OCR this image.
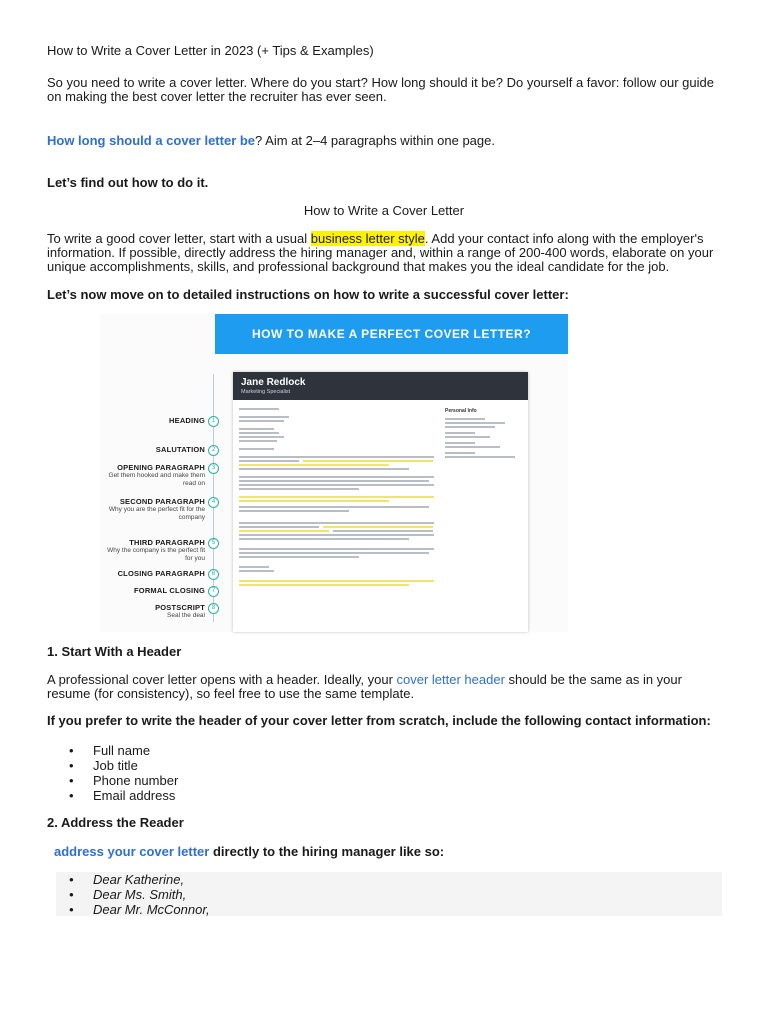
How to Write a Cover Letter in 2023 (+ Tips & Examples)

So you need to write a cover letter. Where do you start? How long should it be? Do yourself a favor: follow our guide on making the best cover letter the recruiter has ever seen.

How long should a cover letter be? Aim at 2–4 paragraphs within one page.

Let’s find out how to do it.

How to Write a Cover Letter

To write a good cover letter, start with a usual business letter style. Add your contact info along with the employer's information. If possible, directly address the hiring manager and, within a range of 200-400 words, elaborate on your unique accomplishments, skills, and professional background that makes you the ideal candidate for the job.

Let’s now move on to detailed instructions on how to write a successful cover letter:

HOW TO MAKE A PERFECT COVER LETTER?
HEADING
SALUTATION
OPENING PARAGRAPH
Get them hooked and make them read on
SECOND PARAGRAPH
Why you are the perfect fit for the company
THIRD PARAGRAPH
Why the company is the perfect fit for you
CLOSING PARAGRAPH
FORMAL CLOSING
POSTSCRIPT
Seal the deal
1
2
3
4
5
6
7
8
Jane Redlock
Marketing Specialist
Personal Info

1. Start With a Header

A professional cover letter opens with a header. Ideally, your cover letter header should be the same as in your resume (for consistency), so feel free to use the same template.

If you prefer to write the header of your cover letter from scratch, include the following contact information:

• Full name
• Job title
• Phone number
• Email address

2. Address the Reader

address your cover letter directly to the hiring manager like so:

• Dear Katherine,
• Dear Ms. Smith,
• Dear Mr. McConnor,
